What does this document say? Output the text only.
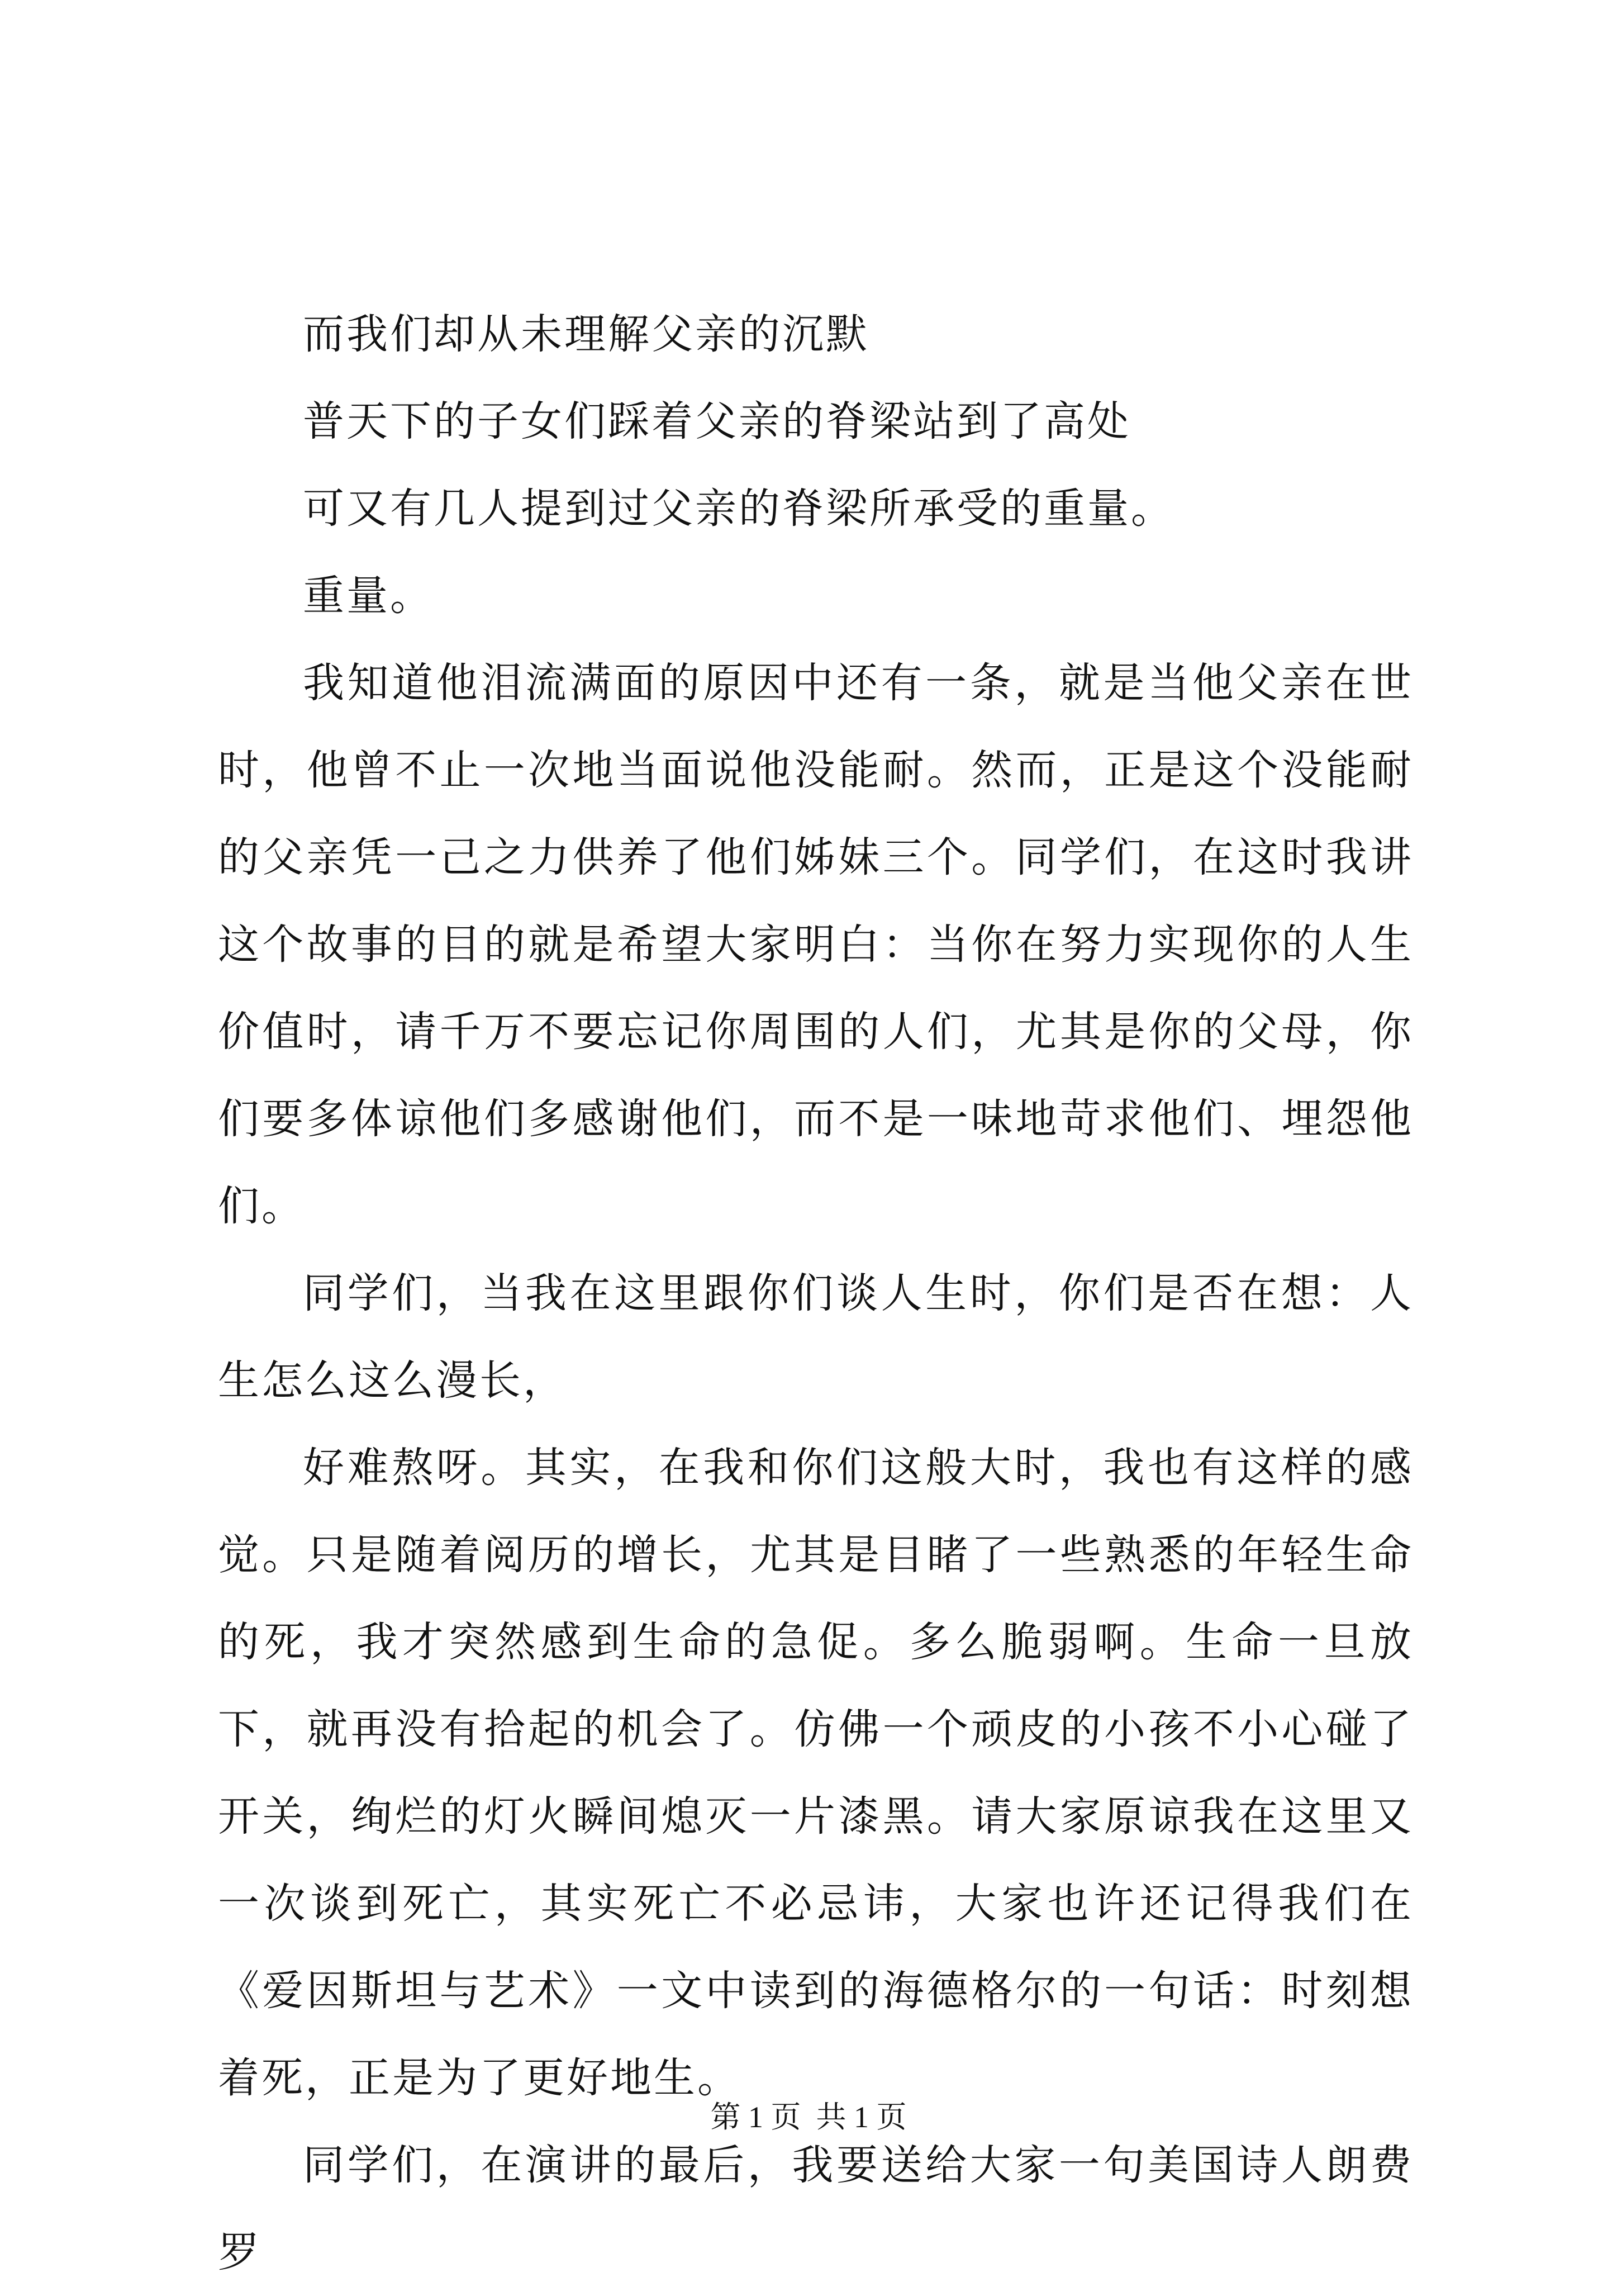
而我们却从未理解父亲的沉默

普天下的子女们踩着父亲的脊梁站到了高处

可又有几人提到过父亲的脊梁所承受的重量。

重量。

我知道他泪流满面的原因中还有一条，就是当他父亲在世时，他曾不止一次地当面说他没能耐。然而，正是这个没能耐的父亲凭一己之力供养了他们姊妹三个。同学们，在这时我讲这个故事的目的就是希望大家明白：当你在努力实现你的人生价值时，请千万不要忘记你周围的人们，尤其是你的父母，你们要多体谅他们多感谢他们，而不是一味地苛求他们、埋怨他们。

同学们，当我在这里跟你们谈人生时，你们是否在想：人生怎么这么漫长，

好难熬呀。其实，在我和你们这般大时，我也有这样的感觉。只是随着阅历的增长，尤其是目睹了一些熟悉的年轻生命的死，我才突然感到生命的急促。多么脆弱啊。生命一旦放下，就再没有拾起的机会了。仿佛一个顽皮的小孩不小心碰了开关，绚烂的灯火瞬间熄灭一片漆黑。请大家原谅我在这里又一次谈到死亡，其实死亡不必忌讳，大家也许还记得我们在《爱因斯坦与艺术》一文中读到的海德格尔的一句话：时刻想着死，正是为了更好地生。

同学们，在演讲的最后，我要送给大家一句美国诗人朗费罗

第 1 页  共 1 页
